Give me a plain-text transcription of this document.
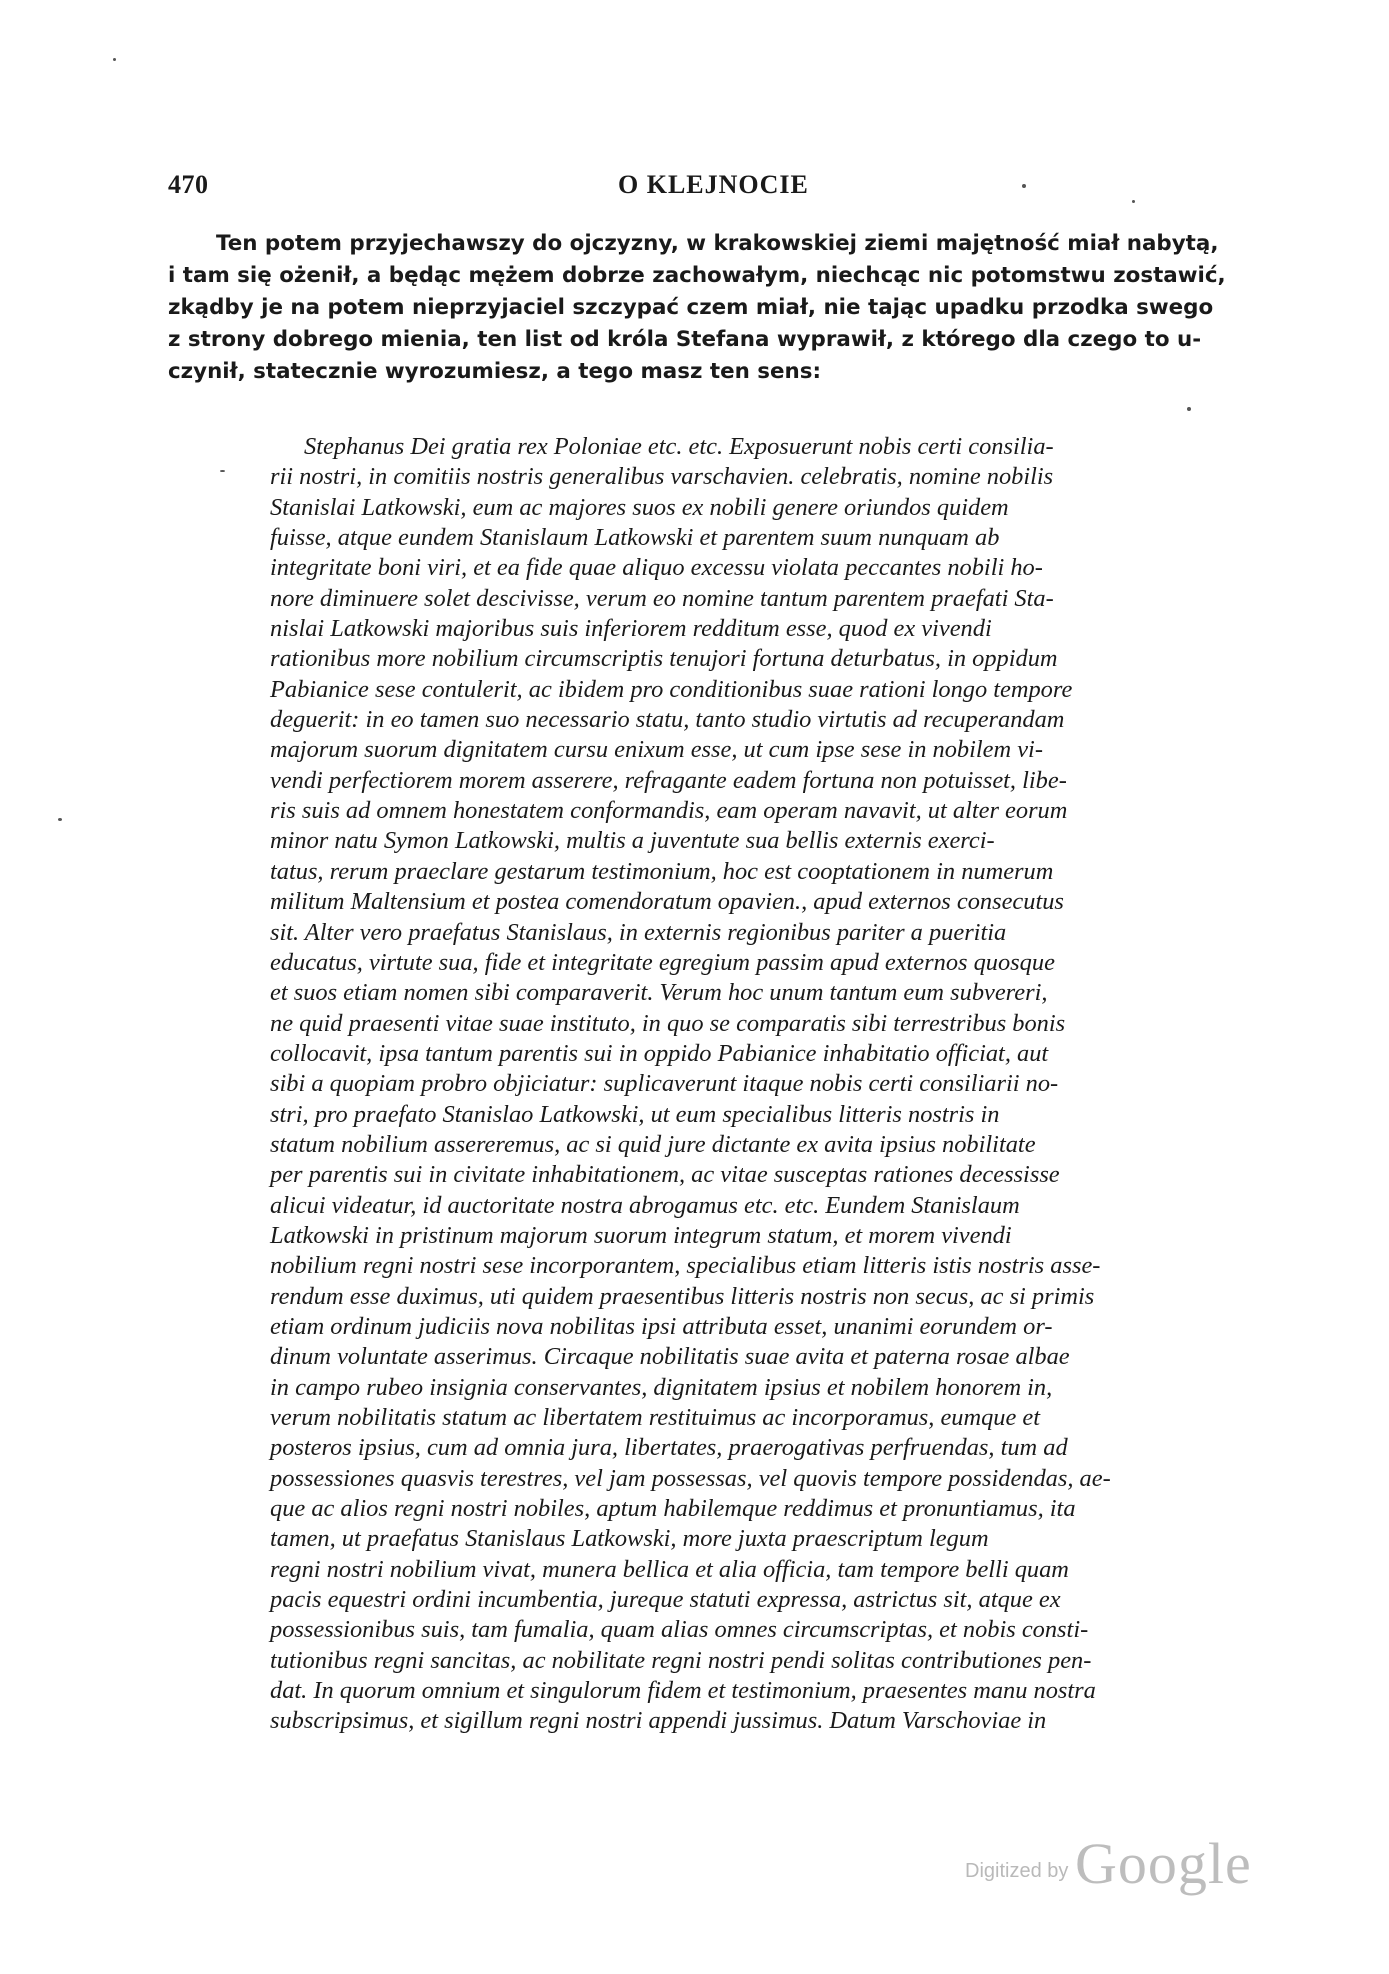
470	O KLEJNOCIE
Ten potem przyjechawszy do ojczyzny, w krakowskiej ziemi majętność miał nabytą,
i tam się ożenił, a będąc mężem dobrze zachowałym, niechcąc nic potomstwu zostawić,
zkądby je na potem nieprzyjaciel szczypać czem miał, nie tając upadku przodka swego
z strony dobrego mienia, ten list od króla Stefana wyprawił, z którego dla czego to u-
czynił, statecznie wyrozumiesz, a tego masz ten sens:
Stephanus Dei gratia rex Poloniae etc. etc. Exposuerunt nobis certi consilia-
rii nostri, in comitiis nostris generalibus varschavien. celebratis, nomine nobilis
Stanislai Latkowski, eum ac majores suos ex nobili genere oriundos quidem
fuisse, atque eundem Stanislaum Latkowski et parentem suum nunquam ab
integritate boni viri, et ea fide quae aliquo excessu violata peccantes nobili ho-
nore diminuere solet descivisse, verum eo nomine tantum parentem praefati Sta-
nislai Latkowski majoribus suis inferiorem redditum esse, quod ex vivendi
rationibus more nobilium circumscriptis tenujori fortuna deturbatus, in oppidum
Pabianice sese contulerit, ac ibidem pro conditionibus suae rationi longo tempore
deguerit: in eo tamen suo necessario statu, tanto studio virtutis ad recuperandam
majorum suorum dignitatem cursu enixum esse, ut cum ipse sese in nobilem vi-
vendi perfectiorem morem asserere, refragante eadem fortuna non potuisset, libe-
ris suis ad omnem honestatem conformandis, eam operam navavit, ut alter eorum
minor natu Symon Latkowski, multis a juventute sua bellis externis exerci-
tatus, rerum praeclare gestarum testimonium, hoc est cooptationem in numerum
militum Maltensium et postea comendoratum opavien., apud externos consecutus
sit. Alter vero praefatus Stanislaus, in externis regionibus pariter a pueritia
educatus, virtute sua, fide et integritate egregium passim apud externos quosque
et suos etiam nomen sibi comparaverit. Verum hoc unum tantum eum subvereri,
ne quid praesenti vitae suae instituto, in quo se comparatis sibi terrestribus bonis
collocavit, ipsa tantum parentis sui in oppido Pabianice inhabitatio officiat, aut
sibi a quopiam probro objiciatur: suplicaverunt itaque nobis certi consiliarii no-
stri, pro praefato Stanislao Latkowski, ut eum specialibus litteris nostris in
statum nobilium assereremus, ac si quid jure dictante ex avita ipsius nobilitate
per parentis sui in civitate inhabitationem, ac vitae susceptas rationes decessisse
alicui videatur, id auctoritate nostra abrogamus etc. etc. Eundem Stanislaum
Latkowski in pristinum majorum suorum integrum statum, et morem vivendi
nobilium regni nostri sese incorporantem, specialibus etiam litteris istis nostris asse-
rendum esse duximus, uti quidem praesentibus litteris nostris non secus, ac si primis
etiam ordinum judiciis nova nobilitas ipsi attributa esset, unanimi eorundem or-
dinum voluntate asserimus. Circaque nobilitatis suae avita et paterna rosae albae
in campo rubeo insignia conservantes, dignitatem ipsius et nobilem honorem in,
verum nobilitatis statum ac libertatem restituimus ac incorporamus, eumque et
posteros ipsius, cum ad omnia jura, libertates, praerogativas perfruendas, tum ad
possessiones quasvis terestres, vel jam possessas, vel quovis tempore possidendas, ae-
que ac alios regni nostri nobiles, aptum habilemque reddimus et pronuntiamus, ita
tamen, ut praefatus Stanislaus Latkowski, more juxta praescriptum legum
regni nostri nobilium vivat, munera bellica et alia officia, tam tempore belli quam
pacis equestri ordini incumbentia, jureque statuti expressa, astrictus sit, atque ex
possessionibus suis, tam fumalia, quam alias omnes circumscriptas, et nobis consti-
tutionibus regni sancitas, ac nobilitate regni nostri pendi solitas contributiones pen-
dat. In quorum omnium et singulorum fidem et testimonium, praesentes manu nostra
subscripsimus, et sigillum regni nostri appendi jussimus. Datum Varschoviae in
Digitized by Google
